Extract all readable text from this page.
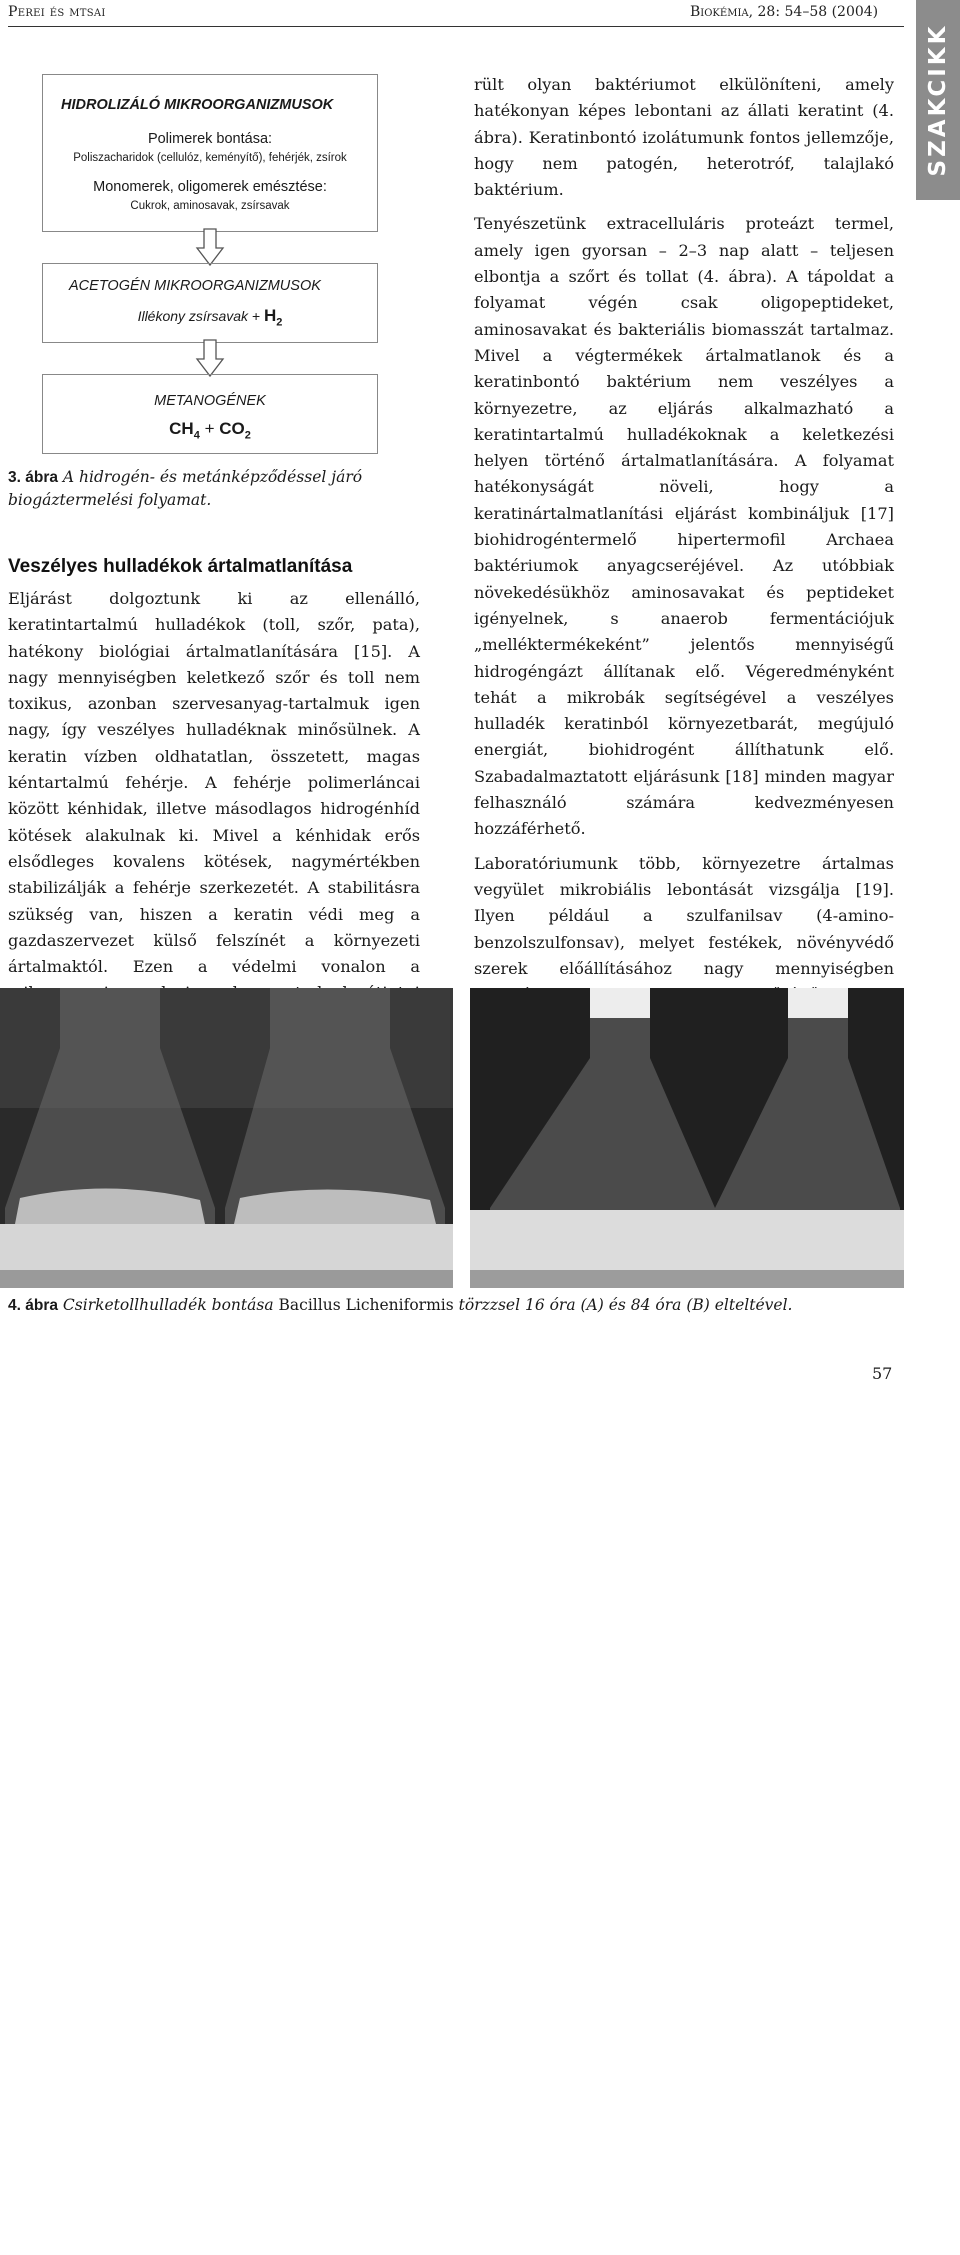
Perei és mtsai	Biokémia, 28: 54–58 (2004)
SZAKCIKK
HIDROLIZÁLÓ MIKROORGANIZMUSOK
Polimerek bontása:
Poliszacharidok (cellulóz, keményítő), fehérjék, zsírok
Monomerek, oligomerek emésztése:
Cukrok, aminosavak, zsírsavak
ACETOGÉN MIKROORGANIZMUSOK
Illékony zsírsavak + $H_2$
METANOGÉNEK
$CH_4 + CO_2$
3. ábra A hidrogén- és metánképződéssel járó biogáztermelési folyamat.
Veszélyes hulladékok ártalmatlanítása

Eljárást dolgoztunk ki az ellenálló, keratintartalmú hulladékok (toll, szőr, pata), hatékony biológiai ártalmatlanítására [15]. A nagy mennyiségben keletkező szőr és toll nem toxikus, azonban szervesanyag-tartalmuk igen nagy, így veszélyes hulladéknak minősülnek. A keratin vízben oldhatatlan, összetett, magas kéntartalmú fehérje. A fehérje polimerláncai között kénhidak, illetve másodlagos hidrogénhíd kötések alakulnak ki. Mivel a kénhidak erős elsődleges kovalens kötések, nagymértékben stabilizálják a fehérje szerkezetét. A stabilitásra szükség van, hiszen a keratin védi meg a gazdaszervezet külső felszínét a környezeti ártalmaktól. Ezen a védelmi vonalon a

rült olyan baktériumot elkülöníteni, amely hatékonyan képes lebontani az állati keratint (4. ábra). Keratinbontó izolátumunk fontos jellemzője, hogy nem patogén, heterotróf, talajlakó baktérium.

Tenyészetünk extracelluláris proteázt termel, amely igen gyorsan – 2–3 nap alatt – teljesen elbontja a szőrt és tollat (4. ábra). A tápoldat a folyamat végén csak oligopeptideket, aminosavakat és bakteriális biomasszát tartalmaz. Mivel a végtermékek ártalmatlanok és a keratinbontó baktérium nem veszélyes a környezetre, az eljárás alkalmazható a keratintartalmú hulladékoknak a keletkezési helyen történő ártalmatlanítására. A folyamat hatékonyságát növeli, hogy a keratinártalmatlanítási eljárást kombináljuk [17] biohidrogéntermelő hipertermofil Archaea baktériumok anyagcseréjével. Az utóbbiak növekedésükhöz aminosavakat és peptideket igényelnek, s anaerob fermentációjuk „melléktermékeként” jelentős mennyiségű hidrogéngázt állítanak elő. Végeredményként tehát a mikrobák segítségével a veszélyes hulladék keratinból környezetbarát, megújuló energiát, biohidrogént állíthatunk elő. Szabadalmaztatott eljárásunk [18] minden magyar felhasználó számára kedvezményesen hozzáférhető.

Laboratóriumunk több, környezetre ártalmas vegyület mikrobiális lebontását vizsgálja [19]. Ilyen például a szulfanilsav (4-amino-benzolszulfonsav), melyet festékek, növényvédő szerek előállításához nagy mennyiségben

A	B
4. ábra Csirketollhulladék bontása Bacillus Licheniformis törzzsel 16 óra (A) és 84 óra (B) elteltével.
57
